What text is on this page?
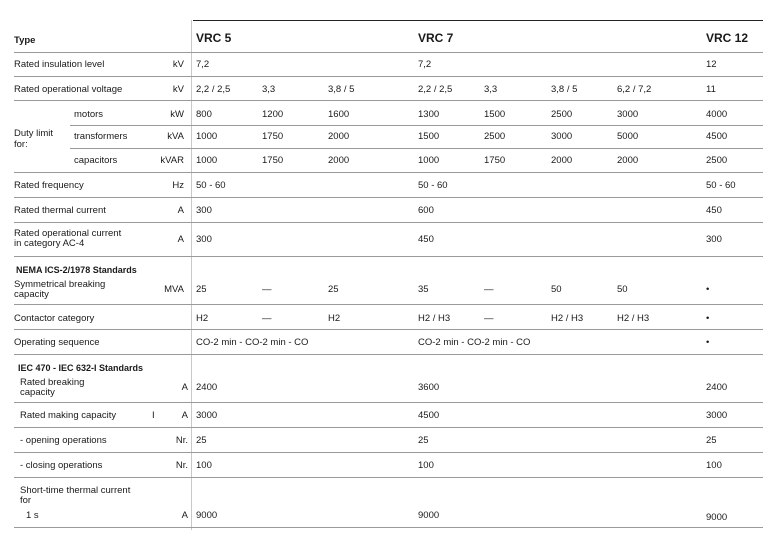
Type	VRC 5	VRC 7	VRC 12
Rated insulation level	kV 7,2	7,2	12
Rated operational voltage	kV 2,2 / 2,5	3,3	3,8 / 5	2,2 / 2,5	3,3	3,8 / 5	6,2 / 7,2	11
Duty limit
for:
motors	kW 800	1200	1600	1300	1500	2500	3000	4000
transformers	kVA 1000	1750	2000	1500	2500	3000	5000	4500
capacitors	kVAR 1000	1750	2000	1000	1750	2000	2000	2500
Rated frequency	Hz 50 - 60	50 - 60	50 - 60
Rated thermal current	A 300	600	450
Rated operational current
in category AC-4	A 300	450	300
NEMA ICS-2/1978 Standards
Symmetrical breaking
capacity	MVA 25	—	25	35	—	50	50	•
Contactor category	H2	—	H2	H2 / H3	—	H2 / H3	H2 / H3	•
Operating sequence	CO-2 min - CO-2 min - CO	CO-2 min - CO-2 min - CO	•
IEC 470 - IEC 632-I Standards
Rated breaking
capacity	A 2400	3600	2400
Rated making capacity	I	A 3000	4500	3000
- opening operations	Nr. 25	25	25
- closing operations	Nr. 100	100	100
Short-time thermal current
for
1 s	A 9000	9000	9000
